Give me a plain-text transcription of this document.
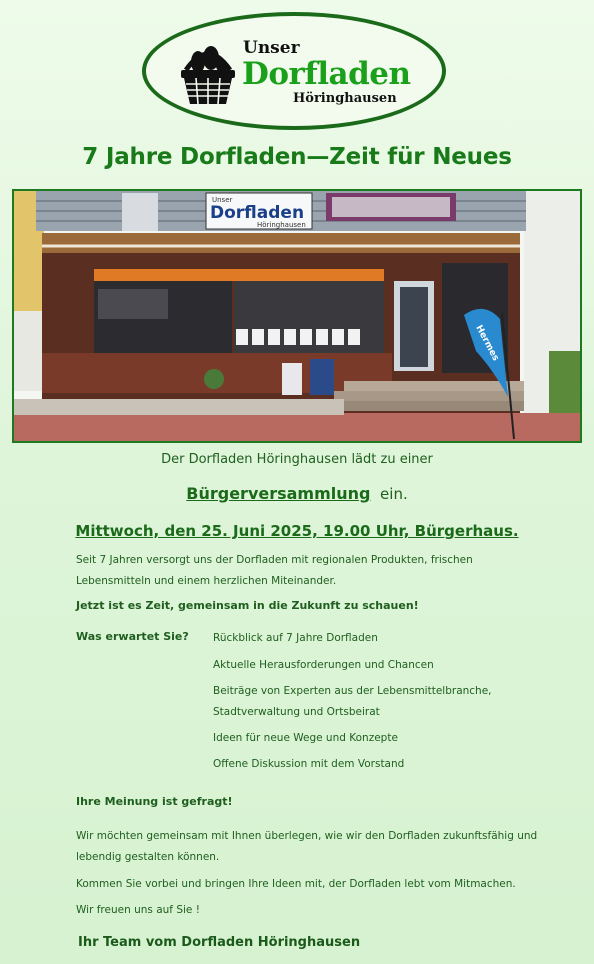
Unser
Dorfladen
Höringhausen
7 Jahre Dorfladen—Zeit für Neues
Unser
Dorfladen
Höringhausen
Hermes
Der Dorfladen Höringhausen lädt zu einer
Bürgerversammlung ein.
Mittwoch, den 25. Juni 2025, 19.00 Uhr, Bürgerhaus.
Seit 7 Jahren versorgt uns der Dorfladen mit regionalen Produkten, frischen Lebensmitteln und einem herzlichen Miteinander.
Jetzt ist es Zeit, gemeinsam in die Zukunft zu schauen!
Was erwartet Sie? Rückblick auf 7 Jahre Dorfladen
Aktuelle Herausforderungen und Chancen
Beiträge von Experten aus der Lebensmittelbranche, Stadtverwaltung und Ortsbeirat
Ideen für neue Wege und Konzepte
Offene Diskussion mit dem Vorstand
Ihre Meinung ist gefragt!
Wir möchten gemeinsam mit Ihnen überlegen, wie wir den Dorfladen zukunftsfähig und lebendig gestalten können.
Kommen Sie vorbei und bringen Ihre Ideen mit, der Dorfladen lebt vom Mitmachen.
Wir freuen uns auf Sie !
Ihr Team vom Dorfladen Höringhausen
